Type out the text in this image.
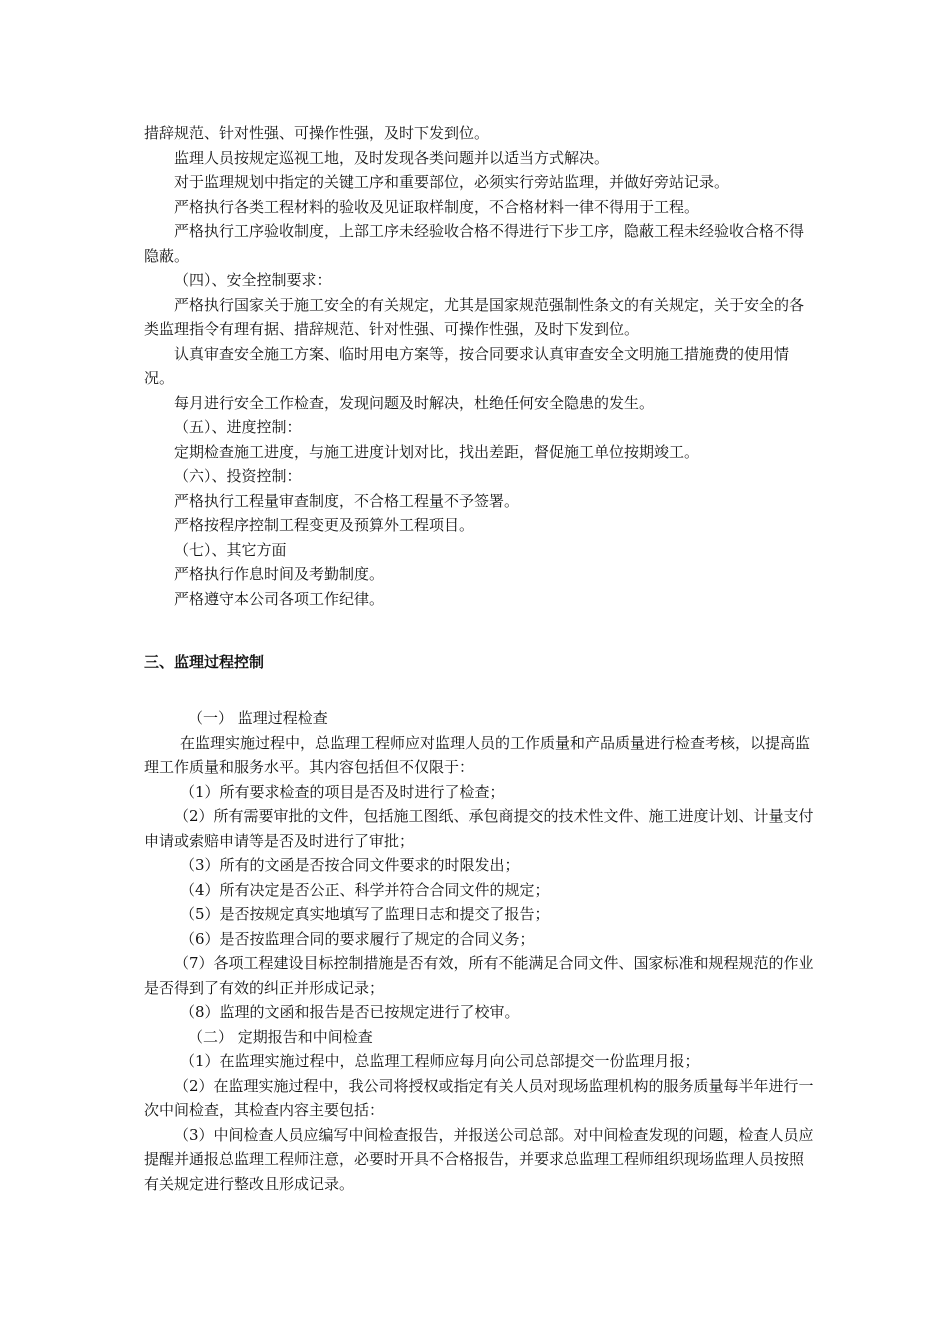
措辞规范、针对性强、可操作性强，及时下发到位。

监理人员按规定巡视工地，及时发现各类问题并以适当方式解决。

对于监理规划中指定的关键工序和重要部位，必须实行旁站监理，并做好旁站记录。

严格执行各类工程材料的验收及见证取样制度，不合格材料一律不得用于工程。

严格执行工序验收制度，上部工序未经验收合格不得进行下步工序，隐蔽工程未经验收合格不得隐蔽。

（四）、安全控制要求：

严格执行国家关于施工安全的有关规定，尤其是国家规范强制性条文的有关规定，关于安全的各类监理指令有理有据、措辞规范、针对性强、可操作性强，及时下发到位。

认真审查安全施工方案、临时用电方案等，按合同要求认真审查安全文明施工措施费的使用情况。

每月进行安全工作检查，发现问题及时解决，杜绝任何安全隐患的发生。

（五）、进度控制：

定期检查施工进度，与施工进度计划对比，找出差距，督促施工单位按期竣工。

（六）、投资控制：

严格执行工程量审查制度，不合格工程量不予签署。

严格按程序控制工程变更及预算外工程项目。

（七）、其它方面

严格执行作息时间及考勤制度。

严格遵守本公司各项工作纪律。

三、监理过程控制

（一） 监理过程检查

在监理实施过程中，总监理工程师应对监理人员的工作质量和产品质量进行检查考核，以提高监理工作质量和服务水平。其内容包括但不仅限于：

（1）所有要求检查的项目是否及时进行了检查；

（2）所有需要审批的文件，包括施工图纸、承包商提交的技术性文件、施工进度计划、计量支付申请或索赔申请等是否及时进行了审批；

（3）所有的文函是否按合同文件要求的时限发出；

（4）所有决定是否公正、科学并符合合同文件的规定；

（5）是否按规定真实地填写了监理日志和提交了报告；

（6）是否按监理合同的要求履行了规定的合同义务；

（7）各项工程建设目标控制措施是否有效，所有不能满足合同文件、国家标准和规程规范的作业是否得到了有效的纠正并形成记录；

（8）监理的文函和报告是否已按规定进行了校审。

（二） 定期报告和中间检查

（1）在监理实施过程中，总监理工程师应每月向公司总部提交一份监理月报；

（2）在监理实施过程中，我公司将授权或指定有关人员对现场监理机构的服务质量每半年进行一次中间检查，其检查内容主要包括：

（3）中间检查人员应编写中间检查报告，并报送公司总部。对中间检查发现的问题，检查人员应提醒并通报总监理工程师注意，必要时开具不合格报告，并要求总监理工程师组织现场监理人员按照有关规定进行整改且形成记录。
